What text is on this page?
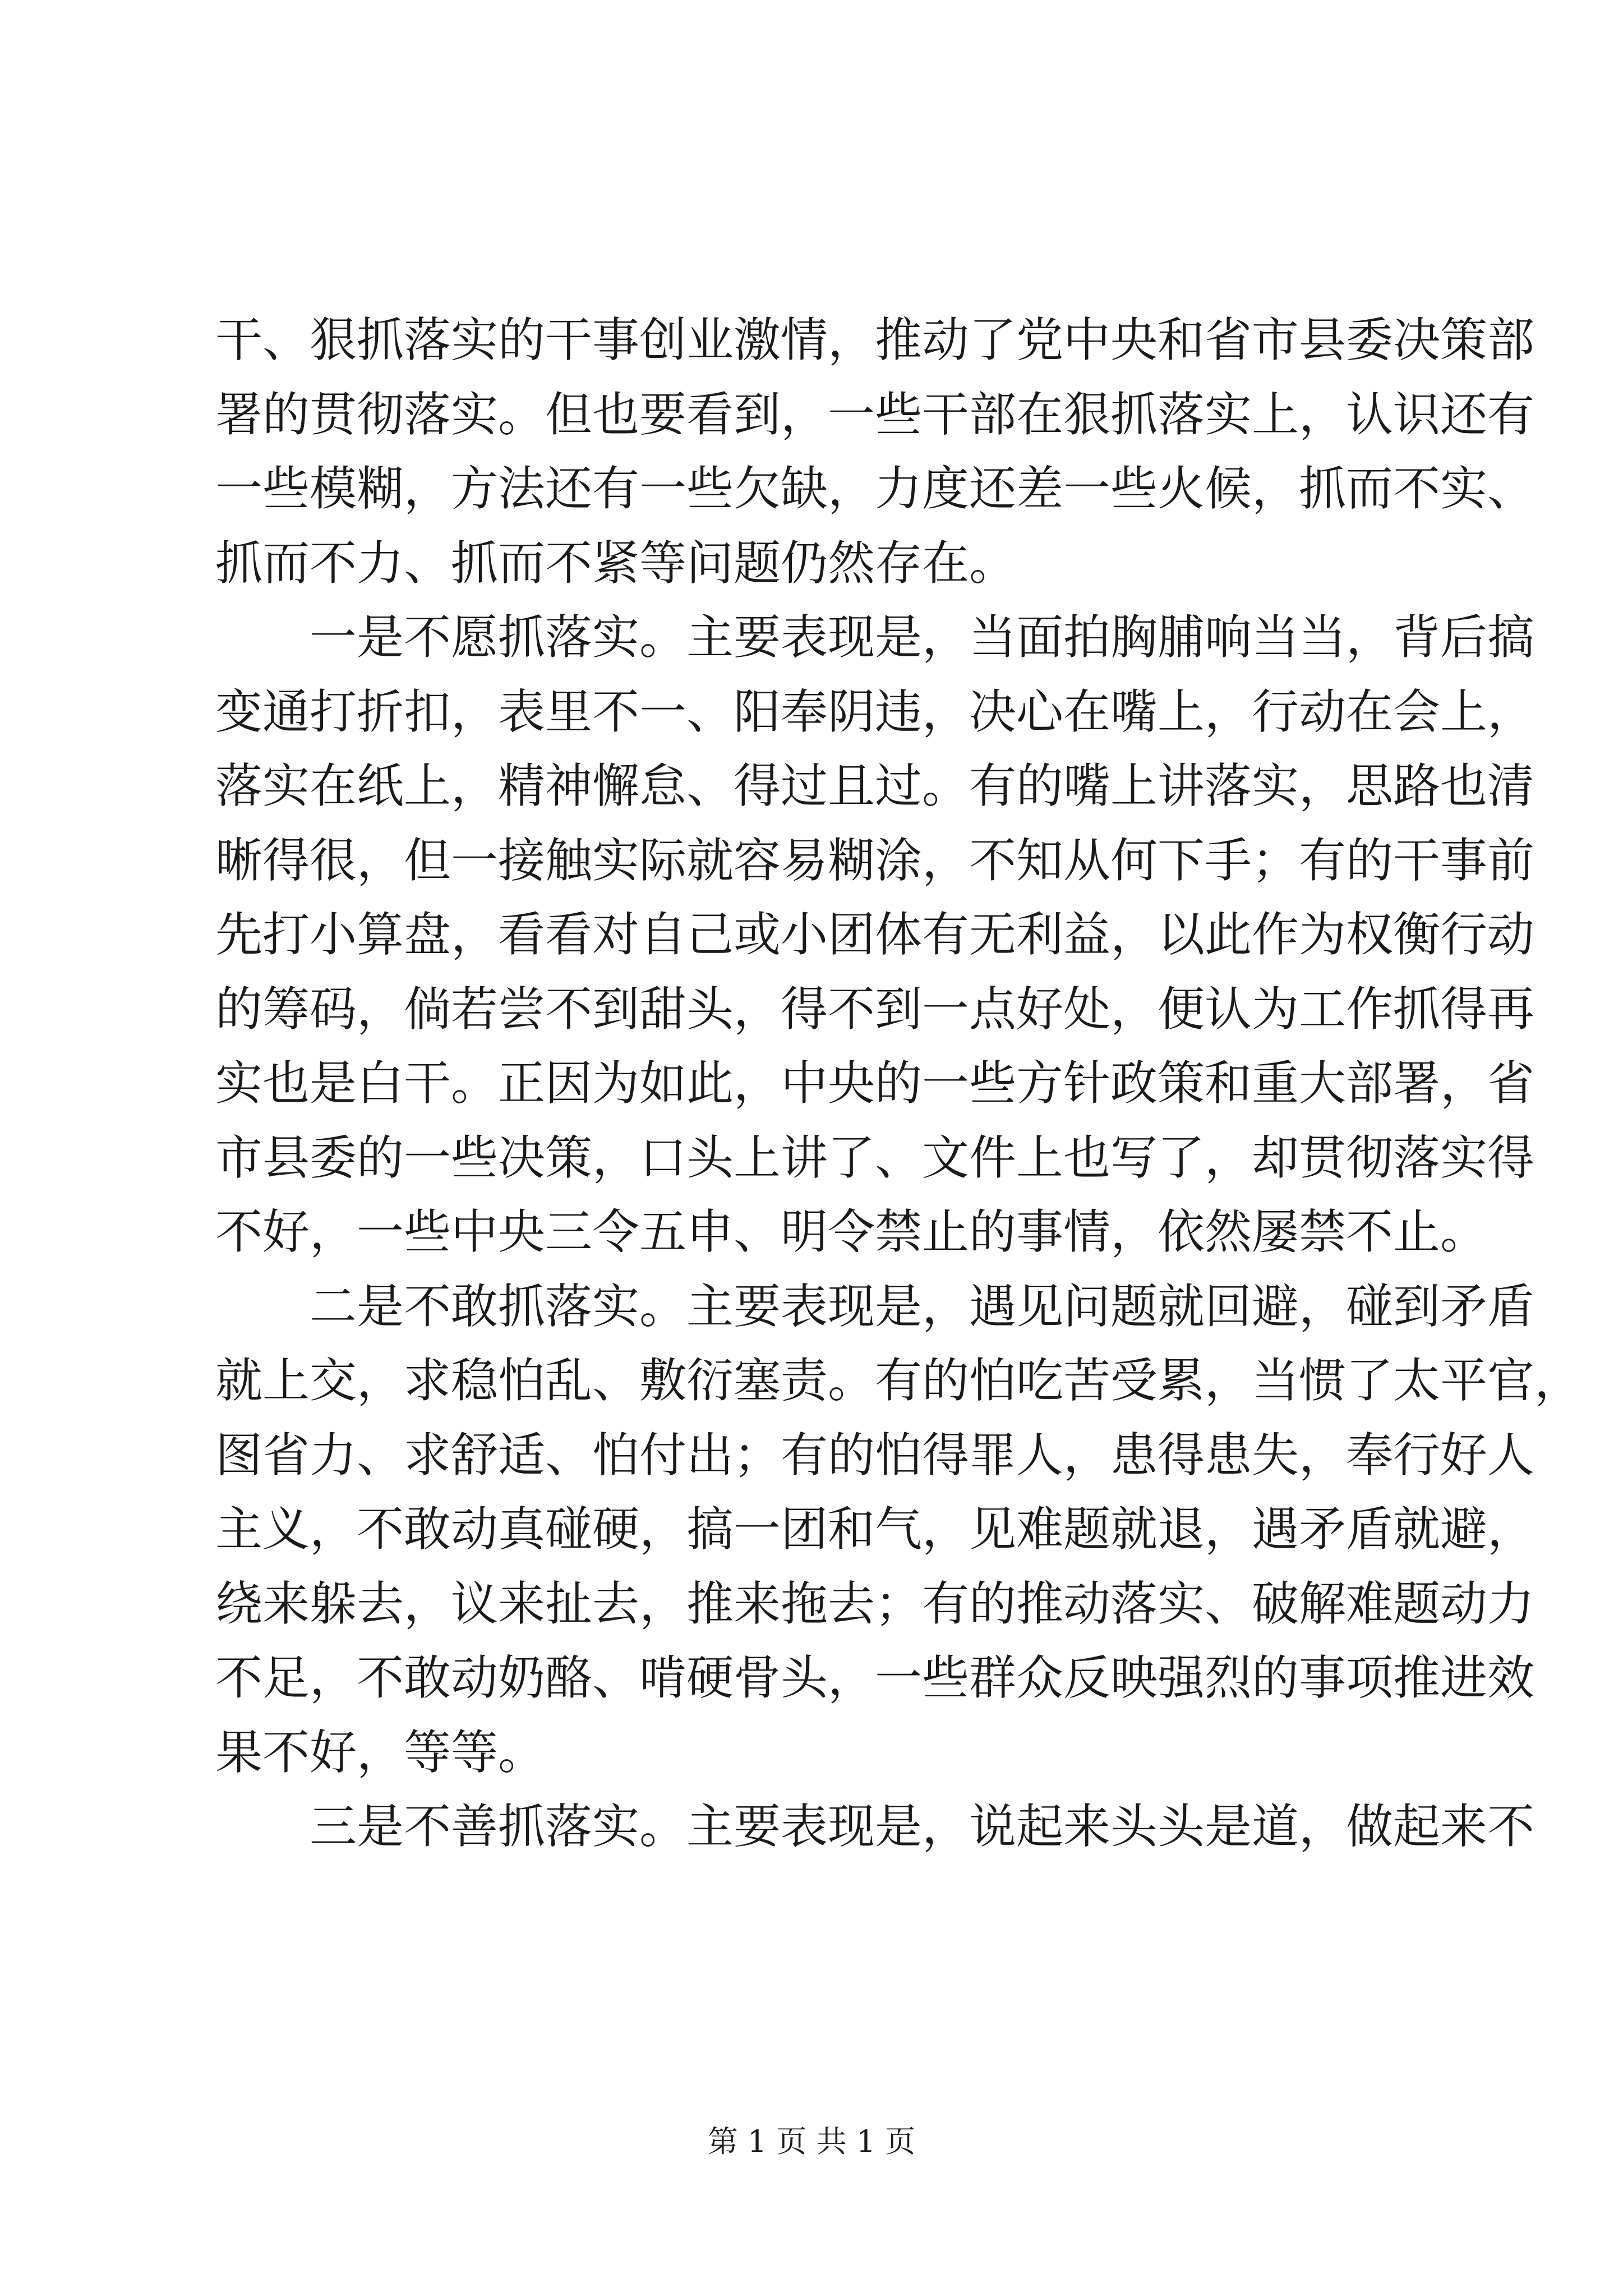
干、狠抓落实的干事创业激情，推动了党中央和省市县委决策部
署的贯彻落实。但也要看到，一些干部在狠抓落实上，认识还有
一些模糊，方法还有一些欠缺，力度还差一些火候，抓而不实、
抓而不力、抓而不紧等问题仍然存在。
一是不愿抓落实。主要表现是，当面拍胸脯响当当，背后搞
变通打折扣，表里不一、阳奉阴违，决心在嘴上，行动在会上，
落实在纸上，精神懈怠、得过且过。有的嘴上讲落实，思路也清
晰得很，但一接触实际就容易糊涂，不知从何下手；有的干事前
先打小算盘，看看对自己或小团体有无利益，以此作为权衡行动
的筹码，倘若尝不到甜头，得不到一点好处，便认为工作抓得再
实也是白干。正因为如此，中央的一些方针政策和重大部署，省
市县委的一些决策，口头上讲了、文件上也写了，却贯彻落实得
不好，一些中央三令五申、明令禁止的事情，依然屡禁不止。
二是不敢抓落实。主要表现是，遇见问题就回避，碰到矛盾
就上交，求稳怕乱、敷衍塞责。有的怕吃苦受累，当惯了太平官，
图省力、求舒适、怕付出；有的怕得罪人，患得患失，奉行好人
主义，不敢动真碰硬，搞一团和气，见难题就退，遇矛盾就避，
绕来躲去，议来扯去，推来拖去；有的推动落实、破解难题动力
不足，不敢动奶酪、啃硬骨头，一些群众反映强烈的事项推进效
果不好，等等。
三是不善抓落实。主要表现是，说起来头头是道，做起来不
第 1 页 共 1 页
